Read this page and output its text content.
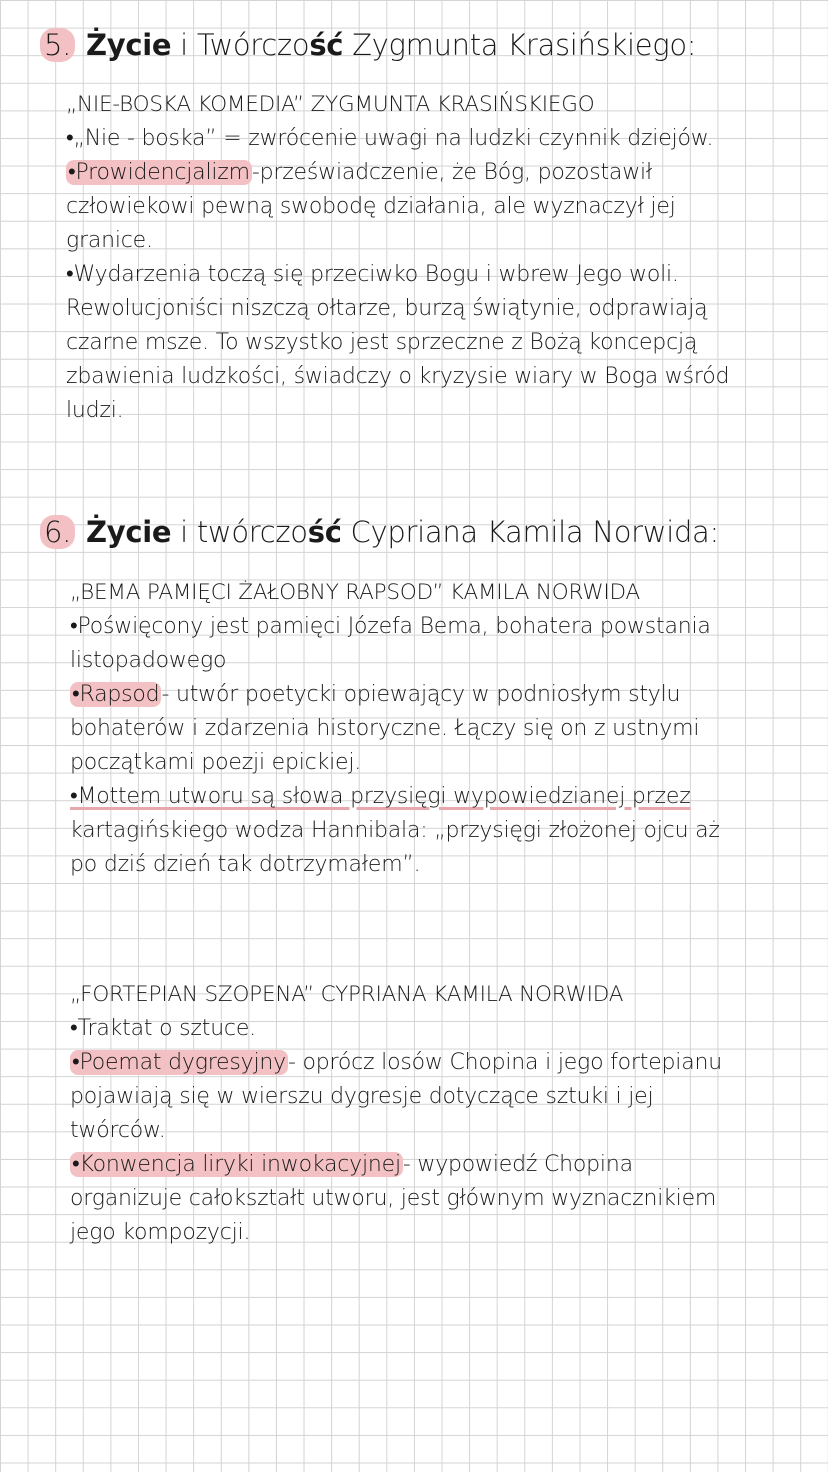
5. Życie i Twórczość Zygmunta Krasińskiego:
„NIE-BOSKA KOMEDIA” ZYGMUNTA KRASIŃSKIEGO
•„Nie - boska” = zwrócenie uwagi na ludzki czynnik dziejów.
•Prowidencjalizm-przeświadczenie, że Bóg, pozostawił
człowiekowi pewną swobodę działania, ale wyznaczył jej
granice.
•Wydarzenia toczą się przeciwko Bogu i wbrew Jego woli.
Rewolucjoniści niszczą ołtarze, burzą świątynie, odprawiają
czarne msze. To wszystko jest sprzeczne z Bożą koncepcją
zbawienia ludzkości, świadczy o kryzysie wiary w Boga wśród
ludzi.
6. Życie i twórczość Cypriana Kamila Norwida:
„BEMA PAMIĘCI ŻAŁOBNY RAPSOD” KAMILA NORWIDA
•Poświęcony jest pamięci Józefa Bema, bohatera powstania
listopadowego
•Rapsod- utwór poetycki opiewający w podniosłym stylu
bohaterów i zdarzenia historyczne. Łączy się on z ustnymi
początkami poezji epickiej.
•Mottem utworu są słowa przysięgi wypowiedzianej przez
kartagińskiego wodza Hannibala: „przysięgi złożonej ojcu aż
po dziś dzień tak dotrzymałem”.
„FORTEPIAN SZOPENA” CYPRIANA KAMILA NORWIDA
•Traktat o sztuce.
•Poemat dygresyjny- oprócz losów Chopina i jego fortepianu
pojawiają się w wierszu dygresje dotyczące sztuki i jej
twórców.
•Konwencja liryki inwokacyjnej- wypowiedź Chopina
organizuje całokształt utworu, jest głównym wyznacznikiem
jego kompozycji.
